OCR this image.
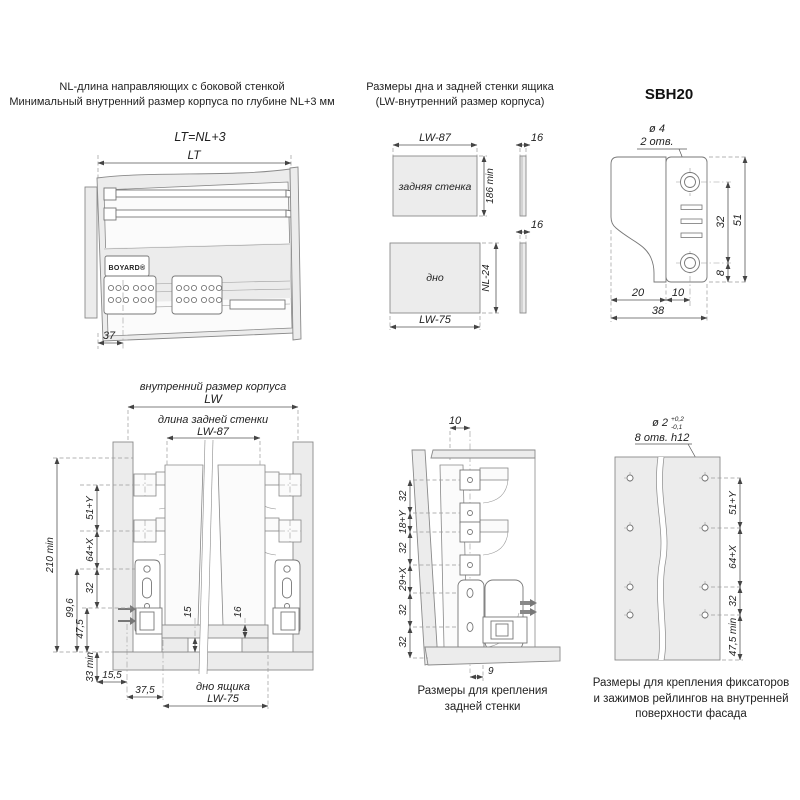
NL-длина направляющих с боковой стенкой
Минимальный внутренний размер корпуса по глубине NL+3 мм
LT=NL+3
LT
BOYARD®
37
Размеры дна и задней стенки ящика
(LW-внутренний размер корпуса)
LW-87
задняя стенка 186 min
16
дно	NL-24
16
LW-75
SBH20
ø 4
2 отв.
32 51
8
20	10
38
внутренний размер корпуса
LW
длина задней стенки
LW-87
210 min
51+Y
64+X
32
99,6
47,5
33 min 15,5
37,5
15	16
дно ящика
LW-75
10
32
18+Y
32
29+X
32
32
9
Размеры для крепления
задней стенки
ø 2 +0,2
-0,1
8 отв. h12
51+Y
64+X
32
47,5 min
Размеры для крепления фиксаторов
и зажимов рейлингов на внутренней
поверхности фасада
